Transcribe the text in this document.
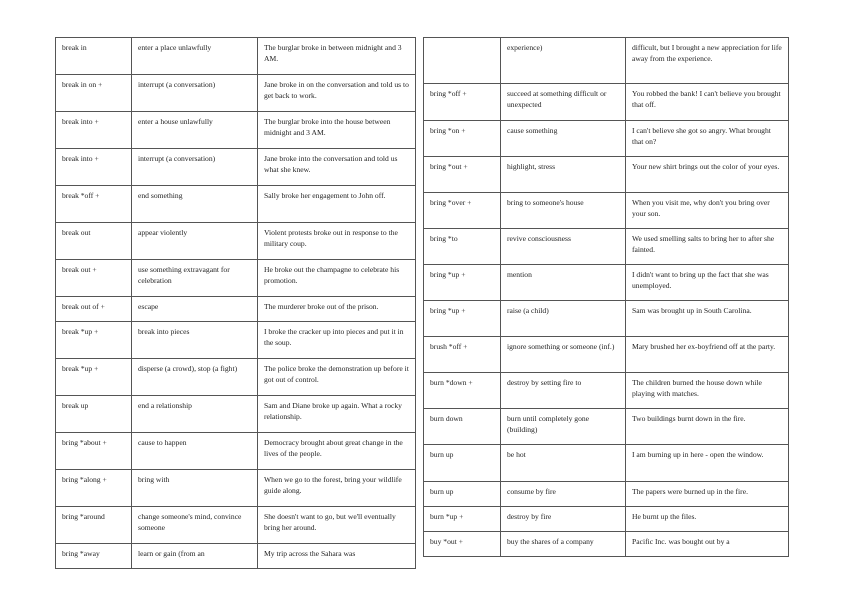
break in	enter a place unlawfully	The burglar broke in between midnight and 3 AM.
break in on +	interrupt (a conversation)	Jane broke in on the conversation and told us to get back to work.
break into +	enter a house unlawfully	The burglar broke into the house between midnight and 3 AM.
break into +	interrupt (a conversation)	Jane broke into the conversation and told us what she knew.
break *off +	end something	Sally broke her engagement to John off.
break out	appear violently	Violent protests broke out in response to the military coup.
break out +	use something extravagant for celebration	He broke out the champagne to celebrate his promotion.
break out of +	escape	The murderer broke out of the prison.
break *up +	break into pieces	I broke the cracker up into pieces and put it in the soup.
break *up +	disperse (a crowd), stop (a fight)	The police broke the demonstration up before it got out of control.
break up	end a relationship	Sam and Diane broke up again. What a rocky relationship.
bring *about +	cause to happen	Democracy brought about great change in the lives of the people.
bring *along +	bring with	When we go to the forest, bring your wildlife guide along.
bring *around	change someone's mind, convince someone	She doesn't want to go, but we'll eventually bring her around.
bring *away	learn or gain (from an	My trip across the Sahara was
	experience)	difficult, but I brought a new appreciation for life away from the experience.
bring *off +	succeed at something difficult or unexpected	You robbed the bank! I can't believe you brought that off.
bring *on +	cause something	I can't believe she got so angry. What brought that on?
bring *out +	highlight, stress	Your new shirt brings out the color of your eyes.
bring *over +	bring to someone's house	When you visit me, why don't you bring over your son.
bring *to	revive consciousness	We used smelling salts to bring her to after she fainted.
bring *up +	mention	I didn't want to bring up the fact that she was unemployed.
bring *up +	raise (a child)	Sam was brought up in South Carolina.
brush *off +	ignore something or someone (inf.)	Mary brushed her ex-boyfriend off at the party.
burn *down +	destroy by setting fire to	The children burned the house down while playing with matches.
burn down	burn until completely gone (building)	Two buildings burnt down in the fire.
burn up	be hot	I am burning up in here - open the window.
burn up	consume by fire	The papers were burned up in the fire.
burn *up +	destroy by fire	He burnt up the files.
buy *out +	buy the shares of a company	Pacific Inc. was bought out by a
